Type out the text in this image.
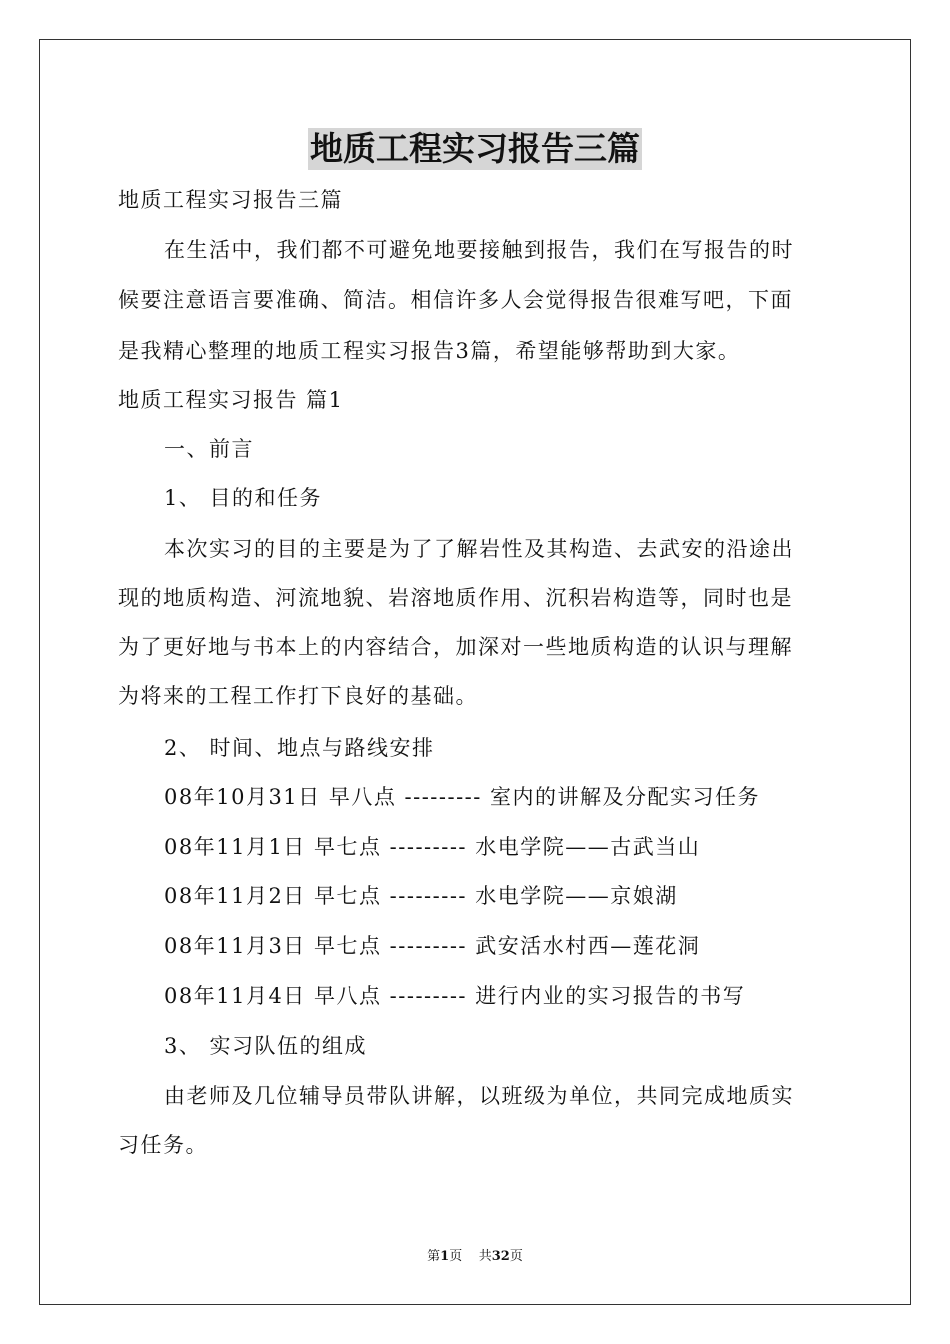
地质工程实习报告三篇
地质工程实习报告三篇
在生活中，我们都不可避免地要接触到报告，我们在写报告的时
候要注意语言要准确、简洁。相信许多人会觉得报告很难写吧，下面
是我精心整理的地质工程实习报告3篇，希望能够帮助到大家。
地质工程实习报告 篇1
一、前言
1、 目的和任务
本次实习的目的主要是为了了解岩性及其构造、去武安的沿途出
现的地质构造、河流地貌、岩溶地质作用、沉积岩构造等，同时也是
为了更好地与书本上的内容结合，加深对一些地质构造的认识与理解
为将来的工程工作打下良好的基础。
2、 时间、地点与路线安排
08年10月31日 早八点 --------- 室内的讲解及分配实习任务
08年11月1日 早七点 --------- 水电学院——古武当山
08年11月2日 早七点 --------- 水电学院——京娘湖
08年11月3日 早七点 --------- 武安活水村西—莲花洞
08年11月4日 早八点 --------- 进行内业的实习报告的书写
3、 实习队伍的组成
由老师及几位辅导员带队讲解，以班级为单位，共同完成地质实
习任务。
第1页 共32页
